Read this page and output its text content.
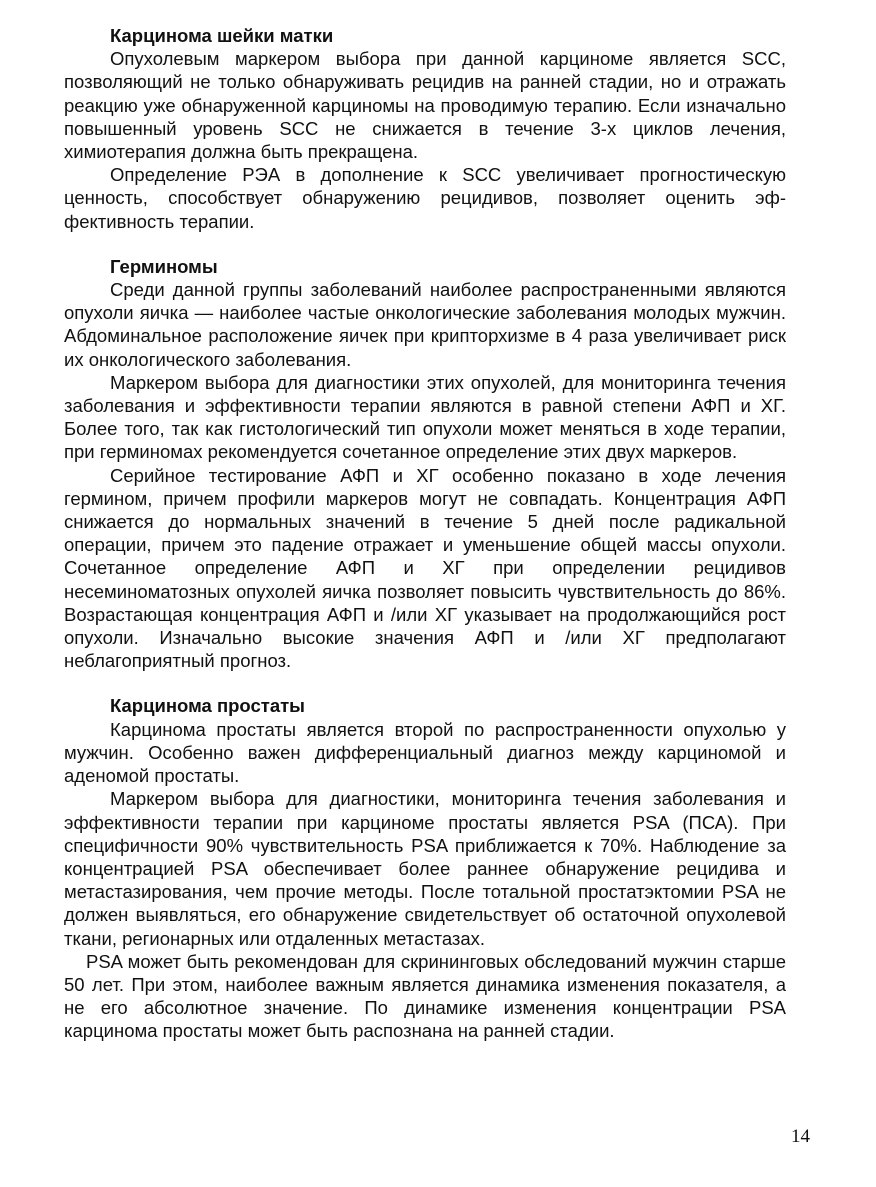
Карцинома шейки матки

Опухолевым маркером выбора при данной карциноме является SCC, позволяющий не только обнаруживать рецидив на ранней стадии, но и отражать реакцию уже обнаруженной карциномы на проводимую терапию. Если изначально повышенный уровень SCC не снижается в течение 3-х циклов лечения, химиотерапия должна быть прекращена.

Определение РЭА в дополнение к SCC увеличивает прогностическую ценность, способствует обнаружению рецидивов, позволяет оценить эффективность терапии.

Герминомы

Среди данной группы заболеваний наиболее распространенными являются опухоли яичка — наиболее частые онкологические заболевания молодых мужчин. Абдоминальное расположение яичек при крипторхизме в 4 раза увеличивает риск их онкологического заболевания.

Маркером выбора для диагностики этих опухолей, для мониторинга течения заболевания и эффективности терапии являются в равной степени АФП и ХГ. Более того, так как гистологический тип опухоли может меняться в ходе терапии, при герминомах рекомендуется сочетанное определение этих двух маркеров.

Серийное тестирование АФП и ХГ особенно показано в ходе лечения гермином, причем профили маркеров могут не совпадать. Концентрация АФП снижается до нормальных значений в течение 5 дней после радикальной операции, причем это падение отражает и уменьшение общей массы опухоли. Сочетанное определение АФП и ХГ при определении рецидивов несеминоматозных опухолей яичка позволяет повысить чувствительность до 86%. Возрастающая концентрация АФП и /или ХГ указывает на продолжающийся рост опухоли. Изначально высокие значения АФП и /или ХГ предполагают неблагоприятный прогноз.

Карцинома простаты

Карцинома простаты является второй по распространенности опухолью у мужчин. Особенно важен дифференциальный диагноз между карциномой и аденомой простаты.

Маркером выбора для диагностики, мониторинга течения заболевания и эффективности терапии при карциноме простаты является PSA (ПСА). При специфичности 90% чувствительность PSA приближается к 70%. Наблюдение за концентрацией PSA обеспечивает более раннее обнаружение рецидива и метастазирования, чем прочие методы. После тотальной простатэктомии PSA не должен выявляться, его обнаружение свидетельствует об остаточной опухолевой ткани, регионарных или отдаленных метастазах.

PSA может быть рекомендован для скрининговых обследований мужчин старше 50 лет. При этом, наиболее важным является динамика изменения показателя, а не его абсолютное значение. По динамике изменения концентрации PSA карцинома простаты может быть распознана на ранней стадии.

14
